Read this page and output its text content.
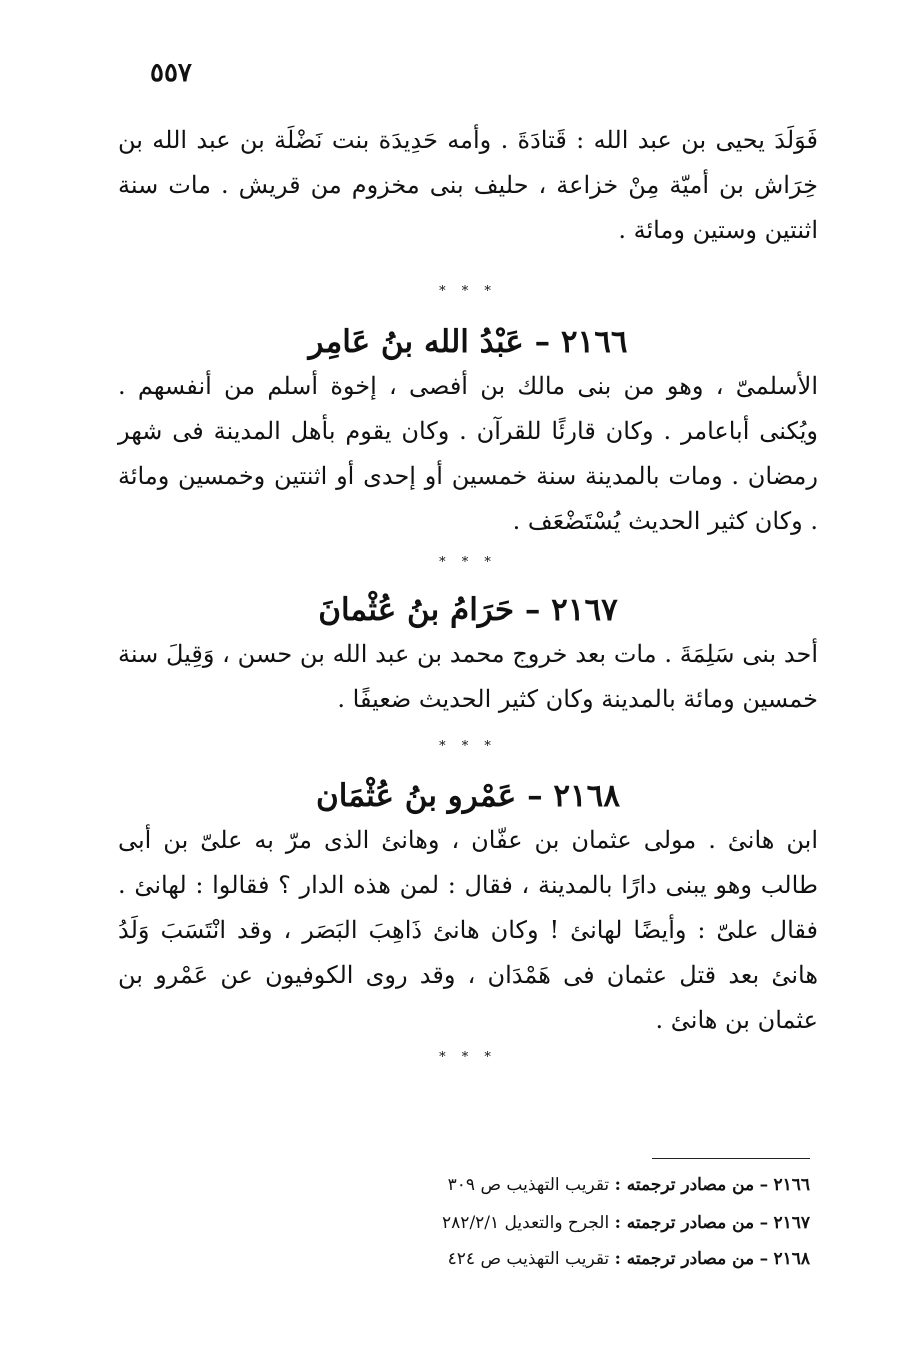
٥٥٧

فَوَلَدَ يحيى بن عبد الله : قَتادَةَ . وأمه حَدِيدَة بنت نَضْلَة بن عبد الله بن خِرَاش بن أميّة مِنْ خزاعة ، حليف بنى مخزوم من قريش . مات سنة اثنتين وستين ومائة .

* * *
٢١٦٦ – عَبْدُ الله بنُ عَامِر

الأسلمىّ ، وهو من بنى مالك بن أفصى ، إخوة أسلم من أنفسهم . ويُكنى أباعامر . وكان قارئًا للقرآن . وكان يقوم بأهل المدينة فى شهر رمضان . ومات بالمدينة سنة خمسين أو إحدى أو اثنتين وخمسين ومائة . وكان كثير الحديث يُسْتَضْعَف .

* * *
٢١٦٧ – حَرَامُ بنُ عُثْمانَ

أحد بنى سَلِمَةَ . مات بعد خروج محمد بن عبد الله بن حسن ، وَقِيلَ سنة خمسين ومائة بالمدينة وكان كثير الحديث ضعيفًا .

* * *
٢١٦٨ – عَمْرو بنُ عُثْمَان

ابن هانئ . مولى عثمان بن عفّان ، وهانئ الذى مرّ به علىّ بن أبى طالب وهو يبنى دارًا بالمدينة ، فقال : لمن هذه الدار ؟ فقالوا : لهانئ . فقال علىّ : وأيضًا لهانئ ! وكان هانئ ذَاهِبَ البَصَر ، وقد انْتَسَبَ وَلَدُ هانئ بعد قتل عثمان فى هَمْدَان ، وقد روى الكوفيون عن عَمْرو بن عثمان بن هانئ .

* * *
٢١٦٦ – من مصادر ترجمته : تقريب التهذيب ص ٣٠٩
٢١٦٧ – من مصادر ترجمته : الجرح والتعديل ٢٨٢/٢/١
٢١٦٨ – من مصادر ترجمته : تقريب التهذيب ص ٤٢٤
